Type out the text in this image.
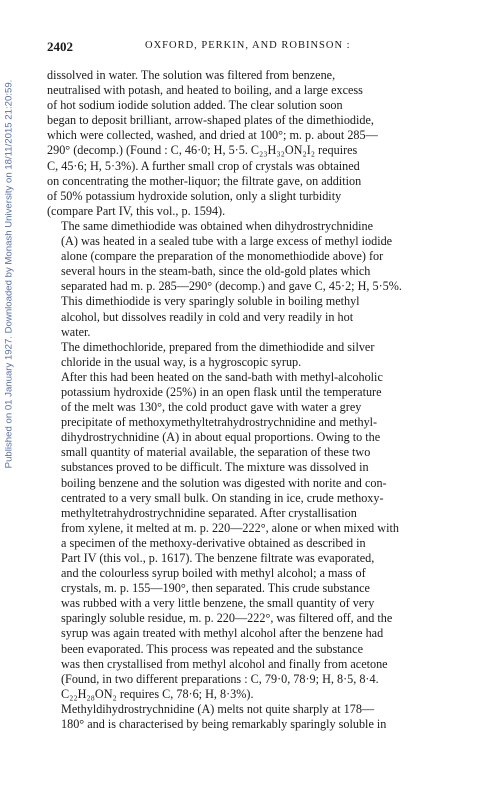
2402	OXFORD, PERKIN, AND ROBINSON :
Published on 01 January 1927. Downloaded by Monash University on 18/11/2015 21:20:59.

dissolved in water. The solution was filtered from benzene,
neutralised with potash, and heated to boiling, and a large excess
of hot sodium iodide solution added. The clear solution soon
began to deposit brilliant, arrow-shaped plates of the dimethiodide,
which were collected, washed, and dried at 100°; m. p. about 285—
290° (decomp.) (Found : C, 46·0; H, 5·5. C₂₃H₃₂ON₂I₂ requires
C, 45·6; H, 5·3%). A further small crop of crystals was obtained
on concentrating the mother-liquor; the filtrate gave, on addition
of 50% potassium hydroxide solution, only a slight turbidity
(compare Part IV, this vol., p. 1594).

The same dimethiodide was obtained when dihydrostrychnidine
(A) was heated in a sealed tube with a large excess of methyl iodide
alone (compare the preparation of the monomethiodide above) for
several hours in the steam-bath, since the old-gold plates which
separated had m. p. 285—290° (decomp.) and gave C, 45·2; H, 5·5%.
This dimethiodide is very sparingly soluble in boiling methyl
alcohol, but dissolves readily in cold and very readily in hot
water.

The dimethochloride, prepared from the dimethiodide and silver
chloride in the usual way, is a hygroscopic syrup.

After this had been heated on the sand-bath with methyl-alcoholic
potassium hydroxide (25%) in an open flask until the temperature
of the melt was 130°, the cold product gave with water a grey
precipitate of methoxymethyltetrahydrostrychnidine and methyl-
dihydrostrychnidine (A) in about equal proportions. Owing to the
small quantity of material available, the separation of these two
substances proved to be difficult. The mixture was dissolved in
boiling benzene and the solution was digested with norite and con-
centrated to a very small bulk. On standing in ice, crude methoxy-
methyltetrahydrostrychnidine separated. After crystallisation
from xylene, it melted at m. p. 220—222°, alone or when mixed with
a specimen of the methoxy-derivative obtained as described in
Part IV (this vol., p. 1617). The benzene filtrate was evaporated,
and the colourless syrup boiled with methyl alcohol; a mass of
crystals, m. p. 155—190°, then separated. This crude substance
was rubbed with a very little benzene, the small quantity of very
sparingly soluble residue, m. p. 220—222°, was filtered off, and the
syrup was again treated with methyl alcohol after the benzene had
been evaporated. This process was repeated and the substance
was then crystallised from methyl alcohol and finally from acetone
(Found, in two different preparations : C, 79·0, 78·9; H, 8·5, 8·4.
C₂₂H₂₈ON₂ requires C, 78·6; H, 8·3%).

Methyldihydrostrychnidine (A) melts not quite sharply at 178—
180° and is characterised by being remarkably sparingly soluble in
